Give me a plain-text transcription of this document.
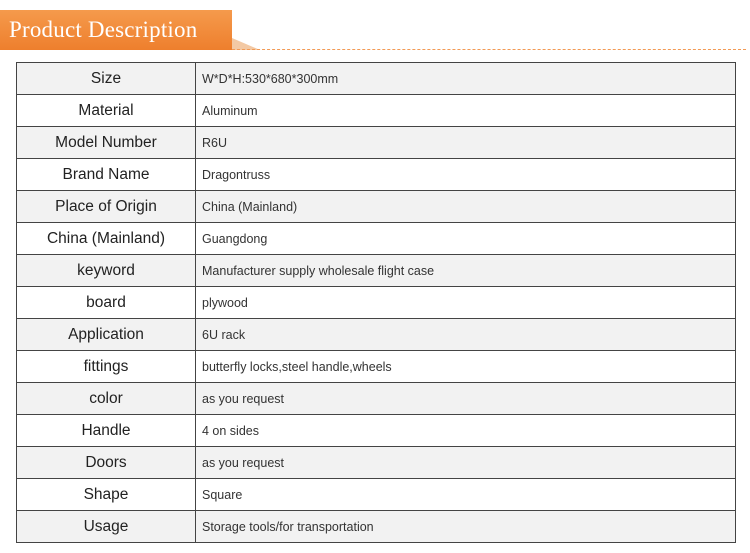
Product Description
Size	W*D*H:530*680*300mm
Material	Aluminum
Model Number	R6U
Brand Name	Dragontruss
Place of Origin	China (Mainland)
China (Mainland)	Guangdong
keyword	Manufacturer supply wholesale flight case
board	plywood
Application	6U rack
fittings	butterfly locks,steel handle,wheels
color	as you request
Handle	4 on sides
Doors	as you request
Shape	Square
Usage	Storage tools/for transportation
